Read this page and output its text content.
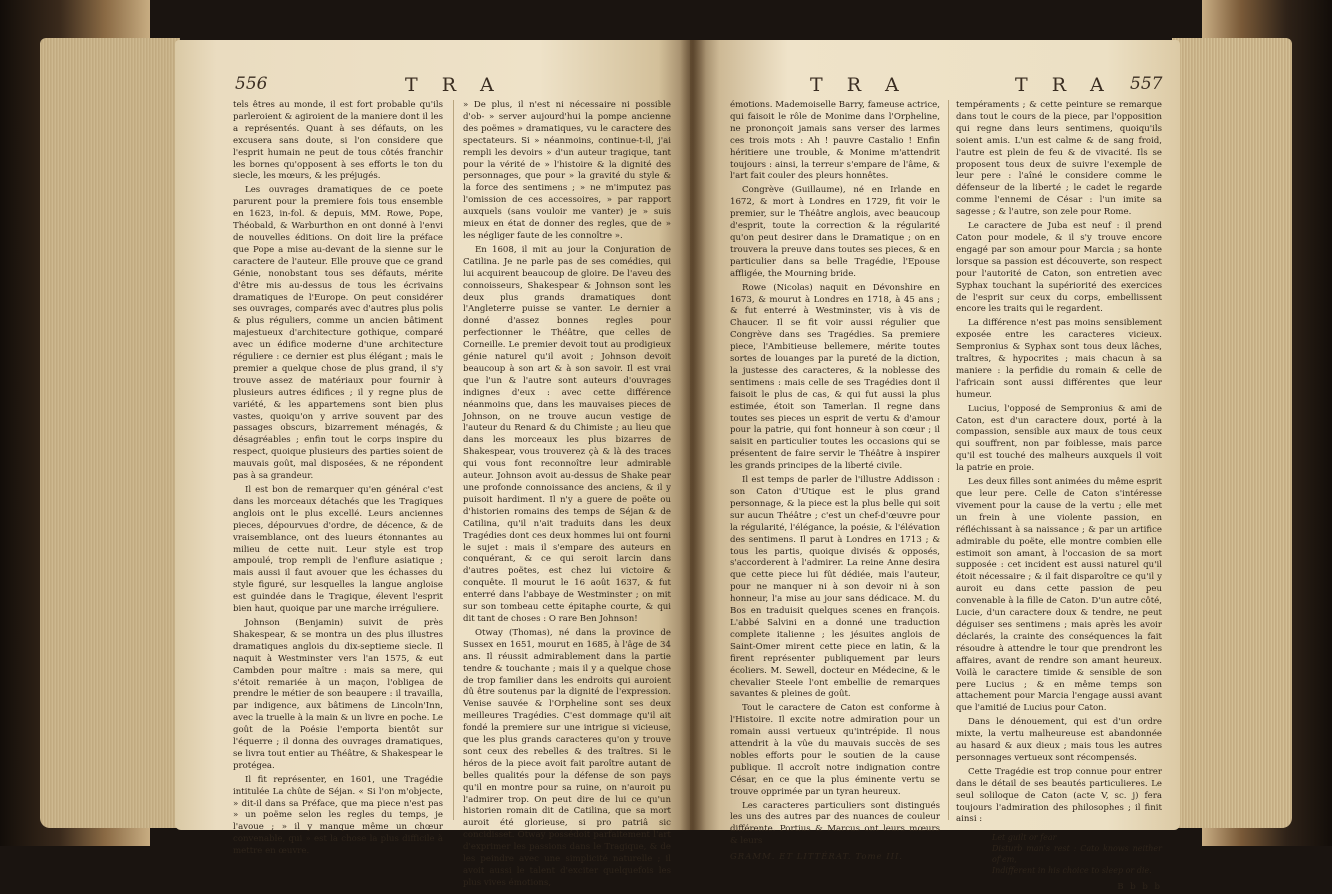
556	T R A

tels êtres au monde, il est fort probable qu'ils parleroient & agiroient de la maniere dont il les a représentés. Quant à ses défauts, on les excusera sans doute, si l'on considere que l'esprit humain ne peut de tous côtés franchir les bornes qu'opposent à ses efforts le ton du siecle, les mœurs, & les préjugés.

Les ouvrages dramatiques de ce poete parurent pour la premiere fois tous ensemble en 1623, in-fol. & depuis, MM. Rowe, Pope, Théobald, & Warburthon en ont donné à l'envi de nouvelles éditions. On doit lire la préface que Pope a mise au-devant de la sienne sur le caractere de l'auteur. Elle prouve que ce grand Génie, nonobstant tous ses défauts, mérite d'être mis au-dessus de tous les écrivains dramatiques de l'Europe. On peut considérer ses ouvrages, comparés avec d'autres plus polis & plus réguliers, comme un ancien bâtiment majestueux d'architecture gothique, comparé avec un édifice moderne d'une architecture réguliere : ce dernier est plus élégant ; mais le premier a quelque chose de plus grand, il s'y trouve assez de matériaux pour fournir à plusieurs autres édifices ; il y regne plus de variété, & les appartemens sont bien plus vastes, quoiqu'on y arrive souvent par des passages obscurs, bizarrement ménagés, & désagréables ; enfin tout le corps inspire du respect, quoique plusieurs des parties soient de mauvais goût, mal disposées, & ne répondent pas à sa grandeur.

Il est bon de remarquer qu'en général c'est dans les morceaux détachés que les Tragiques anglois ont le plus excellé. Leurs anciennes pieces, dépourvues d'ordre, de décence, & de vraisemblance, ont des lueurs étonnantes au milieu de cette nuit. Leur style est trop ampoulé, trop rempli de l'enflure asiatique ; mais aussi il faut avouer que les échasses du style figuré, sur lesquelles la langue angloise est guindée dans le Tragique, élevent l'esprit bien haut, quoique par une marche irréguliere.

Johnson (Benjamin) suivit de près Shakespear, & se montra un des plus illustres dramatiques anglois du dix-septieme siecle. Il naquit à Westminster vers l'an 1575, & eut Cambden pour maître : mais sa mere, qui s'étoit remariée à un maçon, l'obligea de prendre le métier de son beaupere : il travailla, par indigence, aux bâtimens de Lincoln'Inn, avec la truelle à la main & un livre en poche. Le goût de la Poésie l'emporta bientôt sur l'équerre ; il donna des ouvrages dramatiques, se livra tout entier au Théâtre, & Shakespear le protégea.

Il fit représenter, en 1601, une Tragédie intitulée La chûte de Séjan. « Si l'on m'objecte, » dit-il dans sa Préface, que ma piece n'est pas » un poëme selon les regles du temps, je l'avoue ; » il y manque même un chœur convenable, qui » est la chose la plus difficile à mettre en œuvre.

» De plus, il n'est ni nécessaire ni possible d'ob- » server aujourd'hui la pompe ancienne des poëmes » dramatiques, vu le caractere des spectateurs. Si » néanmoins, continue-t-il, j'ai rempli les devoirs » d'un auteur tragique, tant pour la vérité de » l'histoire & la dignité des personnages, que pour » la gravité du style & la force des sentimens ; » ne m'imputez pas l'omission de ces accessoires, » par rapport auxquels (sans vouloir me vanter) je » suis mieux en état de donner des regles, que de » les négliger faute de les connoître ».

En 1608, il mit au jour la Conjuration de Catilina. Je ne parle pas de ses comédies, qui lui acquirent beaucoup de gloire. De l'aveu des connoisseurs, Shakespear & Johnson sont les deux plus grands dramatiques dont l'Angleterre puisse se vanter. Le dernier a donné d'assez bonnes regles pour perfectionner le Théâtre, que celles de Corneille. Le premier devoit tout au prodigieux génie naturel qu'il avoit ; Johnson devoit beaucoup à son art & à son savoir. Il est vrai que l'un & l'autre sont auteurs d'ouvrages indignes d'eux : avec cette différence néanmoins que, dans les mauvaises pieces de Johnson, on ne trouve aucun vestige de l'auteur du Renard & du Chimiste ; au lieu que dans les morceaux les plus bizarres de Shakespear, vous trouverez çà & là des traces qui vous font reconnoître leur admirable auteur. Johnson avoit au-dessus de Shake pear une profonde connoissance des anciens, & il y puisoit hardiment. Il n'y a guere de poëte ou d'historien romains des temps de Séjan & de Catilina, qu'il n'ait traduits dans les deux Tragédies dont ces deux hommes lui ont fourni le sujet : mais il s'empare des auteurs en conquérant, & ce qui seroit larcin dans d'autres poëtes, est chez lui victoire & conquête. Il mourut le 16 août 1637, & fut enterré dans l'abbaye de Westminster ; on mit sur son tombeau cette épitaphe courte, & qui dit tant de choses : O rare Ben Johnson!

Otway (Thomas), né dans la province de Sussex en 1651, mourut en 1685, à l'âge de 34 ans. Il réussit admirablement dans la partie tendre & touchante ; mais il y a quelque chose de trop familier dans les endroits qui auroient dû être soutenus par la dignité de l'expression. Venise sauvée & l'Orpheline sont ses deux meilleures Tragédies. C'est dommage qu'il ait fondé la premiere sur une intrigue si vicieuse, que les plus grands caracteres qu'on y trouve sont ceux des rebelles & des traîtres. Si le héros de la piece avoit fait paroître autant de belles qualités pour la défense de son pays qu'il en montre pour sa ruine, on n'auroit pu l'admirer trop. On peut dire de lui ce qu'un historien romain dit de Catilina, que sa mort auroit été glorieuse, si pro patriâ sic concidisset. Otway possédoit parfaitement l'art d'exprimer les passions dans le Tragique, & de les peindre avec une simplicité naturelle ; il avoit aussi le talent d'exciter quelquefois les plus vives émotions,

T R A	T R A 557

émotions. Mademoiselle Barry, fameuse actrice, qui faisoit le rôle de Monime dans l'Orpheline, ne prononçoit jamais sans verser des larmes ces trois mots : Ah ! pauvre Castalio ! Enfin héritiere une trouble, & Monime m'attendrit toujours : ainsi, la terreur s'empare de l'âme, & l'art fait couler des pleurs honnêtes.

Congrève (Guillaume), né en Irlande en 1672, & mort à Londres en 1729, fit voir le premier, sur le Théâtre anglois, avec beaucoup d'esprit, toute la correction & la régularité qu'on peut desirer dans le Dramatique ; on en trouvera la preuve dans toutes ses pieces, & en particulier dans sa belle Tragédie, l'Epouse affligée, the Mourning bride.

Rowe (Nicolas) naquit en Dévonshire en 1673, & mourut à Londres en 1718, à 45 ans ; & fut enterré à Westminster, vis à vis de Chaucer. Il se fit voir aussi régulier que Congrève dans ses Tragédies. Sa premiere piece, l'Ambitieuse bellemere, mérite toutes sortes de louanges par la pureté de la diction, la justesse des caracteres, & la noblesse des sentimens : mais celle de ses Tragédies dont il faisoit le plus de cas, & qui fut aussi la plus estimée, étoit son Tamerlan. Il regne dans toutes ses pieces un esprit de vertu & d'amour pour la patrie, qui font honneur à son cœur ; il saisit en particulier toutes les occasions qui se présentent de faire servir le Théâtre à inspirer les grands principes de la liberté civile.

Il est temps de parler de l'illustre Addisson : son Caton d'Utique est le plus grand personnage, & la piece est la plus belle qui soit sur aucun Théâtre ; c'est un chef-d'œuvre pour la régularité, l'élégance, la poésie, & l'élévation des sentimens. Il parut à Londres en 1713 ; & tous les partis, quoique divisés & opposés, s'accorderent à l'admirer. La reine Anne desira que cette piece lui fût dédiée, mais l'auteur, pour ne manquer ni à son devoir ni à son honneur, l'a mise au jour sans dédicace. M. du Bos en traduisit quelques scenes en françois. L'abbé Salvini en a donné une traduction complete italienne ; les jésuites anglois de Saint-Omer mirent cette piece en latin, & la firent représenter publiquement par leurs écoliers. M. Sewell, docteur en Médecine, & le chevalier Steele l'ont embellie de remarques savantes & pleines de goût.

Tout le caractere de Caton est conforme à l'Histoire. Il excite notre admiration pour un romain aussi vertueux qu'intrépide. Il nous attendrit à la vûe du mauvais succès de ses nobles efforts pour le soutien de la cause publique. Il accroît notre indignation contre César, en ce que la plus éminente vertu se trouve opprimée par un tyran heureux.

Les caracteres particuliers sont distingués les uns des autres par des nuances de couleur différente. Portius & Marcus ont leurs mœurs & leurs

GRAMM. ET LITTÉRAT. Tome III.

tempéraments ; & cette peinture se remarque dans tout le cours de la piece, par l'opposition qui regne dans leurs sentimens, quoiqu'ils soient amis. L'un est calme & de sang froid, l'autre est plein de feu & de vivacité. Ils se proposent tous deux de suivre l'exemple de leur pere : l'aîné le considere comme le défenseur de la liberté ; le cadet le regarde comme l'ennemi de César : l'un imite sa sagesse ; & l'autre, son zele pour Rome.

Le caractere de Juba est neuf : il prend Caton pour modele, & il s'y trouve encore engagé par son amour pour Marcia ; sa honte lorsque sa passion est découverte, son respect pour l'autorité de Caton, son entretien avec Syphax touchant la supériorité des exercices de l'esprit sur ceux du corps, embellissent encore les traits qui le regardent.

La différence n'est pas moins sensiblement exposée entre les caracteres vicieux. Sempronius & Syphax sont tous deux lâches, traîtres, & hypocrites ; mais chacun à sa maniere : la perfidie du romain & celle de l'africain sont aussi différentes que leur humeur.

Lucius, l'opposé de Sempronius & ami de Caton, est d'un caractere doux, porté à la compassion, sensible aux maux de tous ceux qui souffrent, non par foiblesse, mais parce qu'il est touché des malheurs auxquels il voit la patrie en proie.

Les deux filles sont animées du même esprit que leur pere. Celle de Caton s'intéresse vivement pour la cause de la vertu ; elle met un frein à une violente passion, en réfléchissant à sa naissance ; & par un artifice admirable du poëte, elle montre combien elle estimoit son amant, à l'occasion de sa mort supposée : cet incident est aussi naturel qu'il étoit nécessaire ; & il fait disparoître ce qu'il y auroit eu dans cette passion de peu convenable à la fille de Caton. D'un autre côté, Lucie, d'un caractere doux & tendre, ne peut déguiser ses sentimens ; mais après les avoir déclarés, la crainte des conséquences la fait résoudre à attendre le tour que prendront les affaires, avant de rendre son amant heureux. Voilà le caractere timide & sensible de son pere Lucius ; & en même temps son attachement pour Marcia l'engage aussi avant que l'amitié de Lucius pour Caton.

Dans le dénouement, qui est d'un ordre mixte, la vertu malheureuse est abandonnée au hasard & aux dieux ; mais tous les autres personnages vertueux sont récompensés.

Cette Tragédie est trop connue pour entrer dans le détail de ses beautés particulieres. Le seul soliloque de Caton (acte V, sc. j) fera toujours l'admiration des philosophes ; il finit ainsi :

Let guilt or fear
Disturb man's rest : Cato knows neither of'em,
Indifferent in his choice to sleep or die.
B b b b
